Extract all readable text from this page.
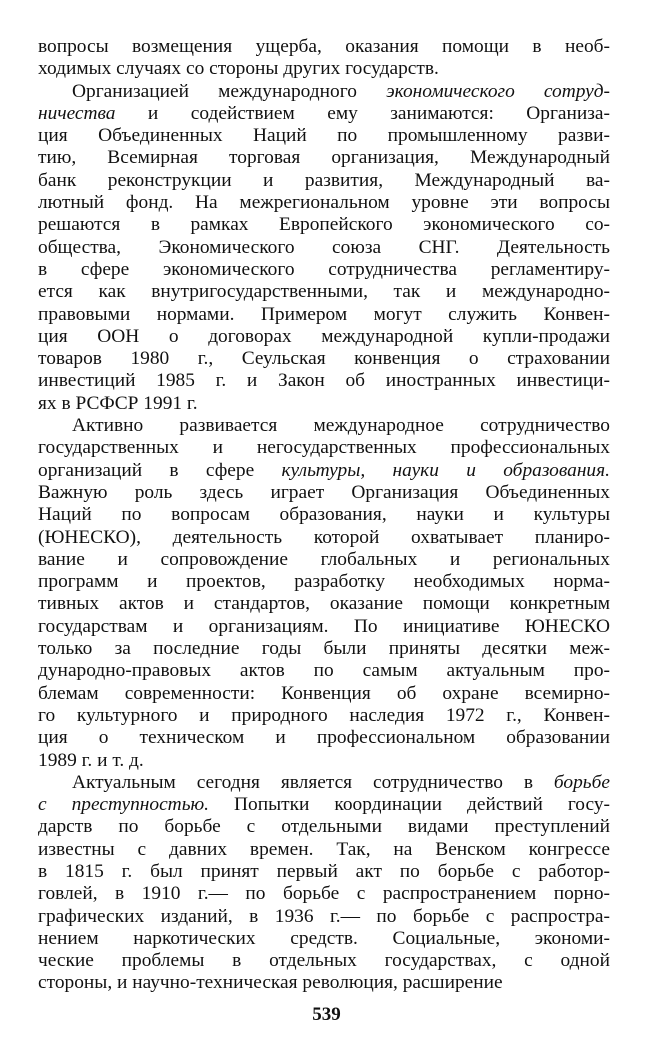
вопросы возмещения ущерба, оказания помощи в необ-
ходимых случаях со стороны других государств.
Организацией международного экономического сотруд-
ничества и содействием ему занимаются: Организа-
ция Объединенных Наций по промышленному разви-
тию, Всемирная торговая организация, Международный
банк реконструкции и развития, Международный ва-
лютный фонд. На межрегиональном уровне эти вопросы
решаются в рамках Европейского экономического со-
общества, Экономического союза СНГ. Деятельность
в сфере экономического сотрудничества регламентиру-
ется как внутригосударственными, так и международно-
правовыми нормами. Примером могут служить Конвен-
ция ООН о договорах международной купли-продажи
товаров 1980 г., Сеульская конвенция о страховании
инвестиций 1985 г. и Закон об иностранных инвестици-
ях в РСФСР 1991 г.
Активно развивается международное сотрудничество
государственных и негосударственных профессиональных
организаций в сфере культуры, науки и образования.
Важную роль здесь играет Организация Объединенных
Наций по вопросам образования, науки и культуры
(ЮНЕСКО), деятельность которой охватывает планиро-
вание и сопровождение глобальных и региональных
программ и проектов, разработку необходимых норма-
тивных актов и стандартов, оказание помощи конкретным
государствам и организациям. По инициативе ЮНЕСКО
только за последние годы были приняты десятки меж-
дународно-правовых актов по самым актуальным про-
блемам современности: Конвенция об охране всемирно-
го культурного и природного наследия 1972 г., Конвен-
ция о техническом и профессиональном образовании
1989 г. и т. д.
Актуальным сегодня является сотрудничество в борьбе
с преступностью. Попытки координации действий госу-
дарств по борьбе с отдельными видами преступлений
известны с давних времен. Так, на Венском конгрессе
в 1815 г. был принят первый акт по борьбе с работор-
говлей, в 1910 г.— по борьбе с распространением порно-
графических изданий, в 1936 г.— по борьбе с распростра-
нением наркотических средств. Социальные, экономи-
ческие проблемы в отдельных государствах, с одной
стороны, и научно-техническая революция, расширение
539
